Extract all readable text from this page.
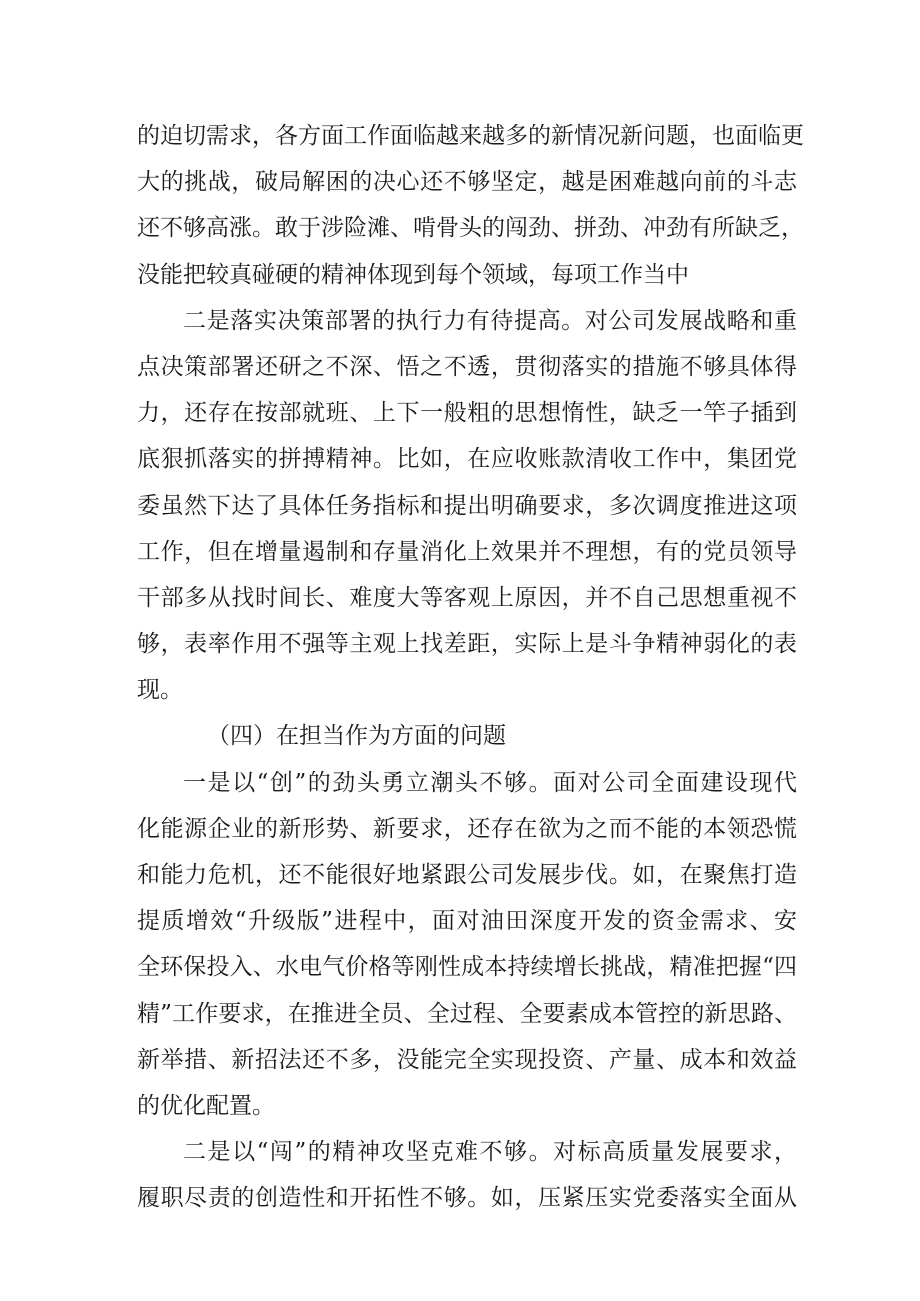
的迫切需求，各方面工作面临越来越多的新情况新问题，也面临更
大的挑战，破局解困的决心还不够坚定，越是困难越向前的斗志
还不够高涨。敢于涉险滩、啃骨头的闯劲、拼劲、冲劲有所缺乏，
没能把较真碰硬的精神体现到每个领域，每项工作当中
二是落实决策部署的执行力有待提高。对公司发展战略和重
点决策部署还研之不深、悟之不透，贯彻落实的措施不够具体得
力，还存在按部就班、上下一般粗的思想惰性，缺乏一竿子插到
底狠抓落实的拼搏精神。比如，在应收账款清收工作中，集团党
委虽然下达了具体任务指标和提出明确要求，多次调度推进这项
工作，但在增量遏制和存量消化上效果并不理想，有的党员领导
干部多从找时间长、难度大等客观上原因，并不自己思想重视不
够，表率作用不强等主观上找差距，实际上是斗争精神弱化的表
现。
（四）在担当作为方面的问题
一是以“创”的劲头勇立潮头不够。面对公司全面建设现代
化能源企业的新形势、新要求，还存在欲为之而不能的本领恐慌
和能力危机，还不能很好地紧跟公司发展步伐。如，在聚焦打造
提质增效“升级版”进程中，面对油田深度开发的资金需求、安
全环保投入、水电气价格等刚性成本持续增长挑战，精准把握“四
精”工作要求，在推进全员、全过程、全要素成本管控的新思路、
新举措、新招法还不多，没能完全实现投资、产量、成本和效益
的优化配置。
二是以“闯”的精神攻坚克难不够。对标高质量发展要求，
履职尽责的创造性和开拓性不够。如，压紧压实党委落实全面从
